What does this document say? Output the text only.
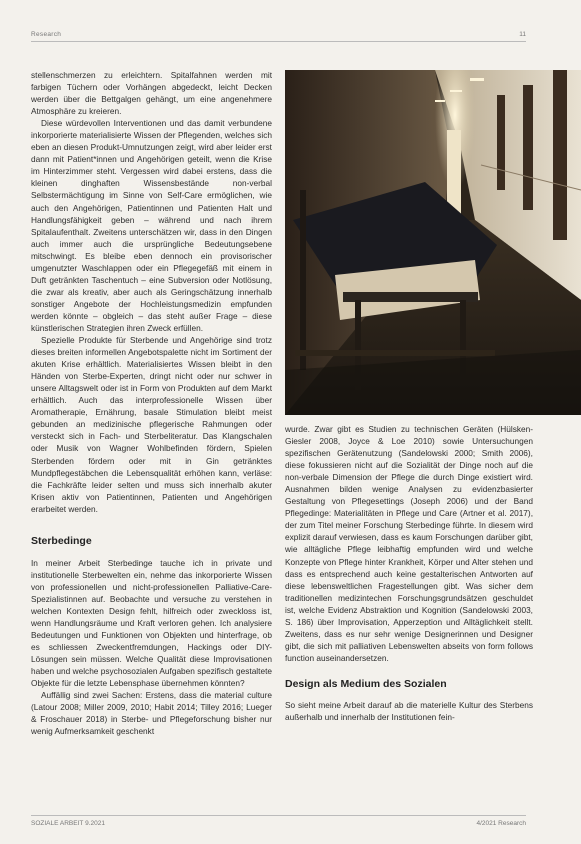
Research	11

stellenschmerzen zu erleichtern. Spitalfahnen werden mit farbigen Tüchern oder Vorhängen abgedeckt, leicht Decken werden über die Bettgalgen gehängt, um eine angenehmere Atmosphäre zu kreieren.

Diese würdevollen Interventionen und das damit verbundene inkorporierte materialisierte Wissen der Pflegenden, welches sich eben an diesen Produkt-Umnutzungen zeigt, wird aber leider erst dann mit Patient*innen und Angehörigen geteilt, wenn die Krise im Hinterzimmer steht. Vergessen wird dabei erstens, dass die kleinen dinghaften Wissensbestände non-verbal Selbstermächtigung im Sinne von Self-Care ermöglichen, wie auch den Angehörigen, Patientinnen und Patienten Halt und Handlungsfähigkeit geben – während und nach ihrem Spitalaufenthalt. Zweitens unterschätzen wir, dass in den Dingen auch immer auch die ursprüngliche Bedeutungsebene mitschwingt. Es bleibe eben dennoch ein provisorischer umgenutzter Waschlappen oder ein Pflegegefäß mit einem in Duft getränkten Taschentuch – eine Subversion oder Notlösung, die zwar als kreativ, aber auch als Geringschätzung innerhalb sonstiger Angebote der Hochleistungsmedizin empfunden werden könnte – obgleich – das steht außer Frage – diese künstlerischen Strategien ihren Zweck erfüllen.

Spezielle Produkte für Sterbende und Angehörige sind trotz dieses breiten informellen Angebotspalette nicht im Sortiment der akuten Krise erhältlich. Materialisiertes Wissen bleibt in den Händen von Sterbe-Experten, dringt nicht oder nur schwer in unsere Alltagswelt oder ist in Form von Produkten auf dem Markt erhältlich. Auch das interprofessionelle Wissen über Aromatherapie, Ernährung, basale Stimulation bleibt meist gebunden an medizinische pflegerische Rahmungen oder versteckt sich in Fach- und Sterbeliteratur. Das Klangschalen oder Musik von Wagner Wohlbefinden fördern, Spielen Sterbenden fördern oder mit in Gin getränktes Mundpflegestäbchen die Lebensqualität erhöhen kann, verläse: die Fachkräfte leider selten und muss sich innerhalb akuter Krisen aktiv von Patientinnen, Patienten und Angehörigen erarbeitet werden.

Sterbedinge

In meiner Arbeit Sterbedinge tauche ich in private und institutionelle Sterbewelten ein, nehme das inkorporierte Wissen von professionellen und nicht-professionellen Palliative-Care-Spezialistinnen auf. Beobachte und versuche zu verstehen in welchen Kontexten Design fehlt, hilfreich oder zweckloss ist, wenn Handlungsräume und Kraft verloren gehen. Ich analysiere Bedeutungen und Funktionen von Objekten und hinterfrage, ob es schliessen Zweckentfremdungen, Hackings oder DIY-Lösungen sein müssen. Welche Qualität diese Improvisationen haben und welche psychosozialen Aufgaben spezifisch gestaltete Objekte für die letzte Lebensphase übernehmen könnten?

Auffällig sind zwei Sachen: Erstens, dass die material culture (Latour 2008; Miller 2009, 2010; Habit 2014; Tilley 2016; Lueger & Froschauer 2018) in Sterbe- und Pflegeforschung bisher nur wenig Aufmerksamkeit geschenkt

wurde. Zwar gibt es Studien zu technischen Geräten (Hülsken-Giesler 2008, Joyce & Loe 2010) sowie Untersuchungen spezifischen Gerätenutzung (Sandelowski 2000; Smith 2006), diese fokussieren nicht auf die Sozialität der Dinge noch auf die non-verbale Dimension der Pflege die durch Dinge existiert wird. Ausnahmen bilden wenige Analysen zu evidenzbasierter Gestaltung von Pflegesettings (Joseph 2006) und der Band Pflegedinge: Materialitäten in Pflege und Care (Artner et al. 2017), der zum Titel meiner Forschung Sterbedinge führte. In diesem wird explizit darauf verwiesen, dass es kaum Forschungen darüber gibt, wie alltägliche Pflege leibhaftig empfunden wird und welche Konzepte von Pflege hinter Krankheit, Körper und Alter stehen und dass es entsprechend auch keine gestalterischen Antworten auf diese lebensweltlichen Fragestellungen gibt. Was sicher dem traditionellen medizintechen Forschungsgrundsätzen geschuldet ist, welche Evidenz Abstraktion und Kognition (Sandelowski 2003, S. 186) über Improvisation, Apperzeption und Alltäglichkeit stellt. Zweitens, dass es nur sehr wenige Designerinnen und Designer gibt, die sich mit palliativen Lebenswelten abseits von form follows function auseinandersetzen.

Design als Medium des Sozialen

So sieht meine Arbeit darauf ab die materielle Kultur des Sterbens außerhalb und innerhalb der Institutionen fein-

SOZIALE ARBEIT 9.2021	4/2021 Research
